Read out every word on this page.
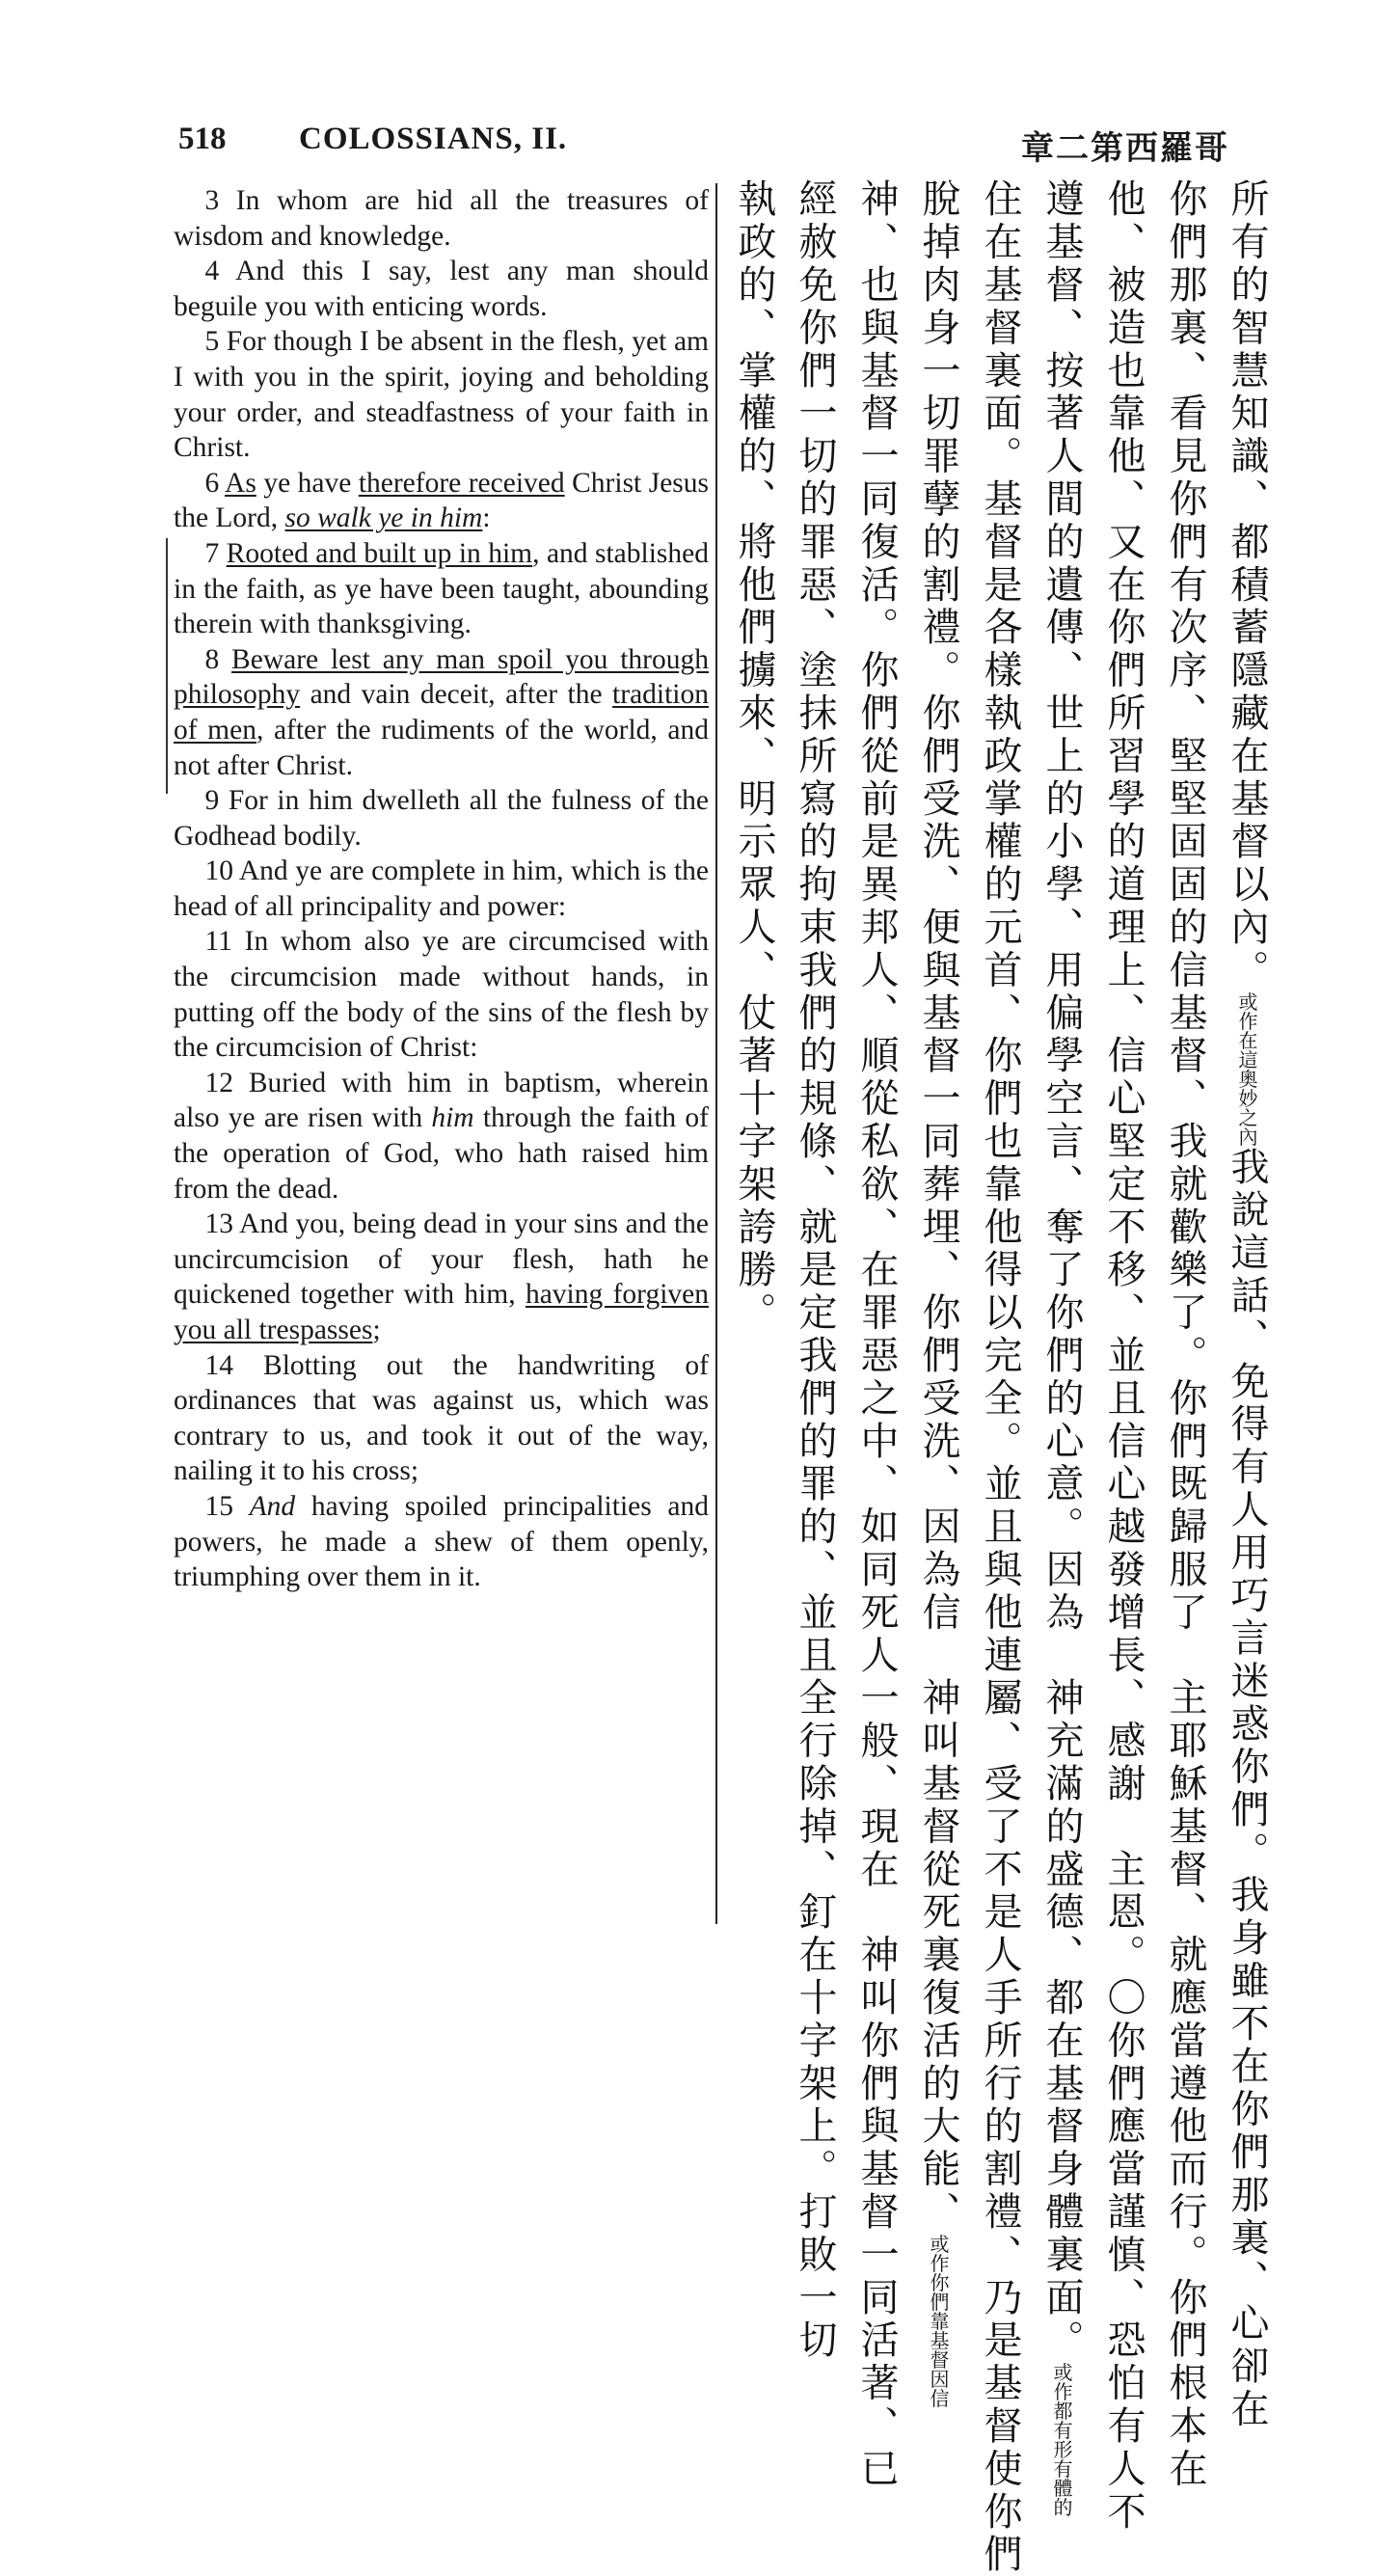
518 COLOSSIANS, II.	章二第西羅哥

3 In whom are hid all the treasures of wisdom and knowledge.

4 And this I say, lest any man should beguile you with enticing words.

5 For though I be absent in the flesh, yet am I with you in the spirit, joying and beholding your order, and steadfastness of your faith in Christ.

6 As ye have therefore received Christ Jesus the Lord, so walk ye in him:

7 Rooted and built up in him, and stablished in the faith, as ye have been taught, abounding therein with thanksgiving.

8 Beware lest any man spoil you through philosophy and vain deceit, after the tradition of men, after the rudiments of the world, and not after Christ.

9 For in him dwelleth all the fulness of the Godhead bodily.

10 And ye are complete in him, which is the head of all principality and power:

11 In whom also ye are circumcised with the circumcision made without hands, in putting off the body of the sins of the flesh by the circumcision of Christ:

12 Buried with him in baptism, wherein also ye are risen with him through the faith of the operation of God, who hath raised him from the dead.

13 And you, being dead in your sins and the uncircumcision of your flesh, hath he quickened together with him, having forgiven you all trespasses;

14 Blotting out the handwriting of ordinances that was against us, which was contrary to us, and took it out of the way, nailing it to his cross;

15 And having spoiled principalities and powers, he made a shew of them openly, triumphing over them in it.

所有的智慧知識、都積蓄隱藏在基督以內。或作在這奧妙之內我說這話、免得有人用巧言迷惑你們。我身雖不在你們那裏、心卻在
你們那裏、看見你們有次序、堅堅固固的信基督、我就歡樂了。你們既歸服了　主耶穌基督、就應當遵他而行。你們根本在
他、被造也靠他、又在你們所習學的道理上、信心堅定不移、並且信心越發增長、感謝　主恩。〇你們應當謹慎、恐怕有人不
遵基督、按著人間的遺傳、世上的小學、用偏學空言、奪了你們的心意。因為　神充滿的盛德、都在基督身體裏面。或作都有形有體的
住在基督裏面。基督是各樣執政掌權的元首、你們也靠他得以完全。並且與他連屬、受了不是人手所行的割禮、乃是基督使你們
脫掉肉身一切罪孽的割禮。你們受洗、便與基督一同葬埋、你們受洗、因為信　神叫基督從死裏復活的大能、或作你們靠基督因信
神、也與基督一同復活。你們從前是異邦人、順從私欲、在罪惡之中、如同死人一般、現在　神叫你們與基督一同活著、已
經赦免你們一切的罪惡、塗抹所寫的拘束我們的規條、就是定我們的罪的、並且全行除掉、釘在十字架上。打敗一切
執政的、掌權的、將他們擄來、明示眾人、仗著十字架誇勝。
